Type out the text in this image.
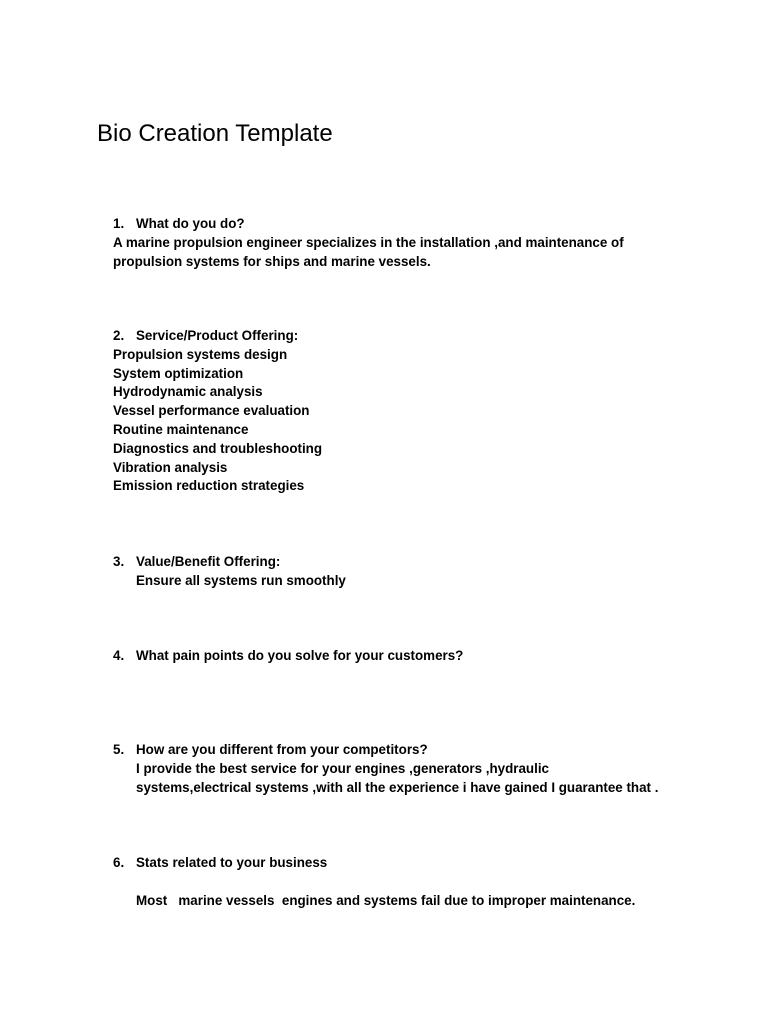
Bio Creation Template
1. What do you do?
A marine propulsion engineer specializes in the installation ,and maintenance of
propulsion systems for ships and marine vessels.
2. Service/Product Offering:
Propulsion systems design
System optimization
Hydrodynamic analysis
Vessel performance evaluation
Routine maintenance
Diagnostics and troubleshooting
Vibration analysis
Emission reduction strategies
3. Value/Benefit Offering:
Ensure all systems run smoothly
4. What pain points do you solve for your customers?
5. How are you different from your competitors?
I provide the best service for your engines ,generators ,hydraulic
systems,electrical systems ,with all the experience i have gained I guarantee that .
6. Stats related to your business
Most   marine vessels  engines and systems fail due to improper maintenance.
